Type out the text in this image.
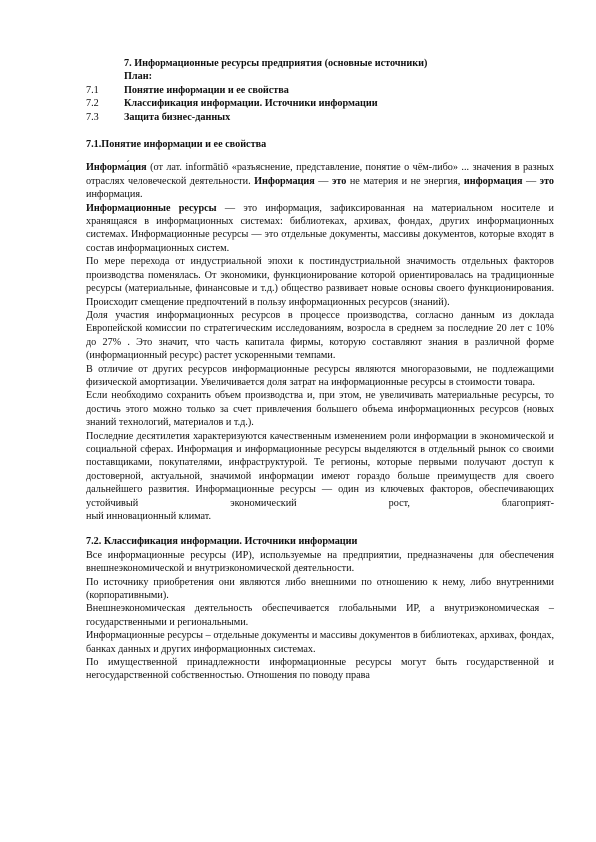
7. Информационные ресурсы предприятия (основные источники)
План:
7.1	Понятие информации и ее свойства
7.2	Классификация информации. Источники информации
7.3	Защита бизнес-данных
7.1.Понятие информации и ее свойства

Информа́ция (от лат. informātiō «разъяснение, представление, понятие о чём-либо» ... значения в разных отраслях человеческой деятельности. Информация — это не материя и не энергия, информация — это информация.

Информационные ресурсы — это информация, зафиксированная на материальном носителе и хранящаяся в информационных системах: библиотеках, архивах, фондах, других информационных системах. Информационные ресурсы — это отдельные документы, массивы документов, которые входят в состав информационных систем.

По мере перехода от индустриальной эпохи к постиндустриальной значимость отдельных факторов производства поменялась. От экономики, функционирование которой ориентировалась на традиционные ресурсы (материальные, финансовые и т.д.) общество развивает новые основы своего функционирования. Происходит смещение предпочтений в пользу информационных ресурсов (знаний).

Доля участия информационных ресурсов в процессе производства, согласно данным из доклада Европейской комиссии по стратегическим исследованиям, возросла в среднем за последние 20 лет с 10% до 27% . Это значит, что часть капитала фирмы, которую составляют знания в различной форме (информационный ресурс) растет ускоренными темпами.

В отличие от других ресурсов информационные ресурсы являются многоразовыми, не подлежащими физической амортизации. Увеличивается доля затрат на информационные ресурсы в стоимости товара.

Если необходимо сохранить объем производства и, при этом, не увеличивать материальные ресурсы, то достичь этого можно только за счет привлечения большего объема информационных ресурсов (новых знаний технологий, материалов и т.д.).

Последние десятилетия характеризуются качественным изменением роли информации в экономической и социальной сферах. Информация и информационные ресурсы выделяются в отдельный рынок со своими поставщиками, покупателями, инфраструктурой. Те регионы, которые первыми получают доступ к достоверной, актуальной, значимой информации имеют гораздо больше преимуществ для своего дальнейшего развития. Информационные ресурсы — один из ключевых факторов, обеспечивающих устойчивый экономический рост, благоприят-

ный инновационный климат.

7.2. Классификация информации. Источники информации

Все информационные ресурсы (ИР), используемые на предприятии, предназначены для обеспечения внешнеэкономической и внутриэкономической деятельности.

По источнику приобретения они являются либо внешними по отношению к нему, либо внутренними (корпоративными).

Внешнеэкономическая деятельность обеспечивается глобальными ИР, а внутриэкономическая – государственными и региональными.

Информационные ресурсы – отдельные документы и массивы документов в библиотеках, архивах, фондах, банках данных и других информационных системах.

По имущественной принадлежности информационные ресурсы могут быть государственной и негосударственной собственностью. Отношения по поводу права
